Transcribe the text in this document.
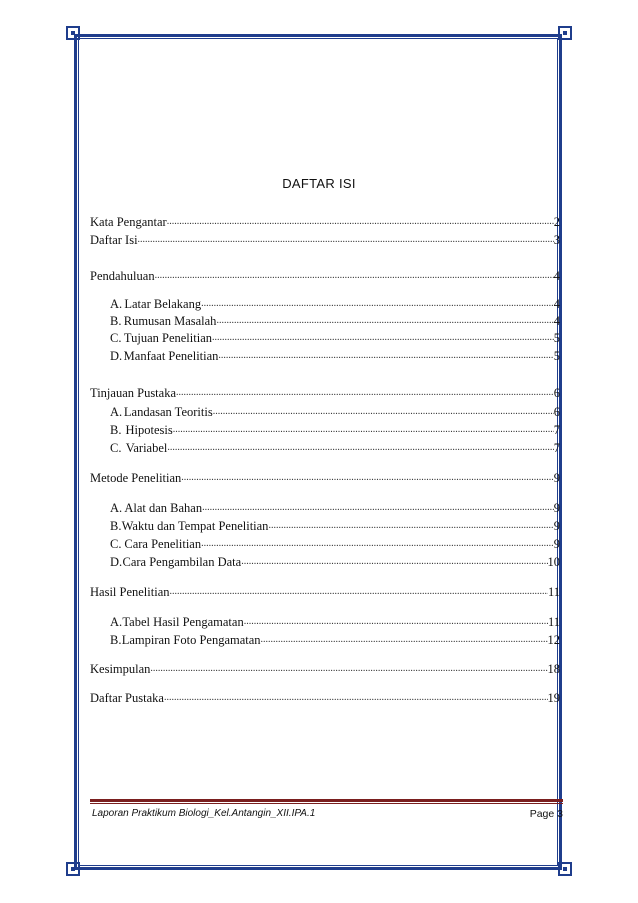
DAFTAR ISI
Kata Pengantar .....	2
Daftar Isi .....	3
Pendahuluan .....	4
A. Latar Belakang .....	4
B. Rumusan Masalah .....	4
C. Tujuan Penelitian .....	5
D. Manfaat Penelitian .....	5
Tinjauan Pustaka .....	6
A. Landasan Teoritis .....	6
B. Hipotesis .....	7
C. Variabel .....	7
Metode Penelitian .....	9
A. Alat dan Bahan .....	9
B. Waktu dan Tempat Penelitian .....	9
C. Cara Penelitian .....	9
D. Cara Pengambilan Data .....	10
Hasil Penelitian .....	11
A. Tabel Hasil Pengamatan .....	11
B. Lampiran Foto Pengamatan .....	12
Kesimpulan .....	18
Daftar Pustaka .....	19
Laporan Praktikum Biologi_Kel.Antangin_XII.IPA.1	Page 3
